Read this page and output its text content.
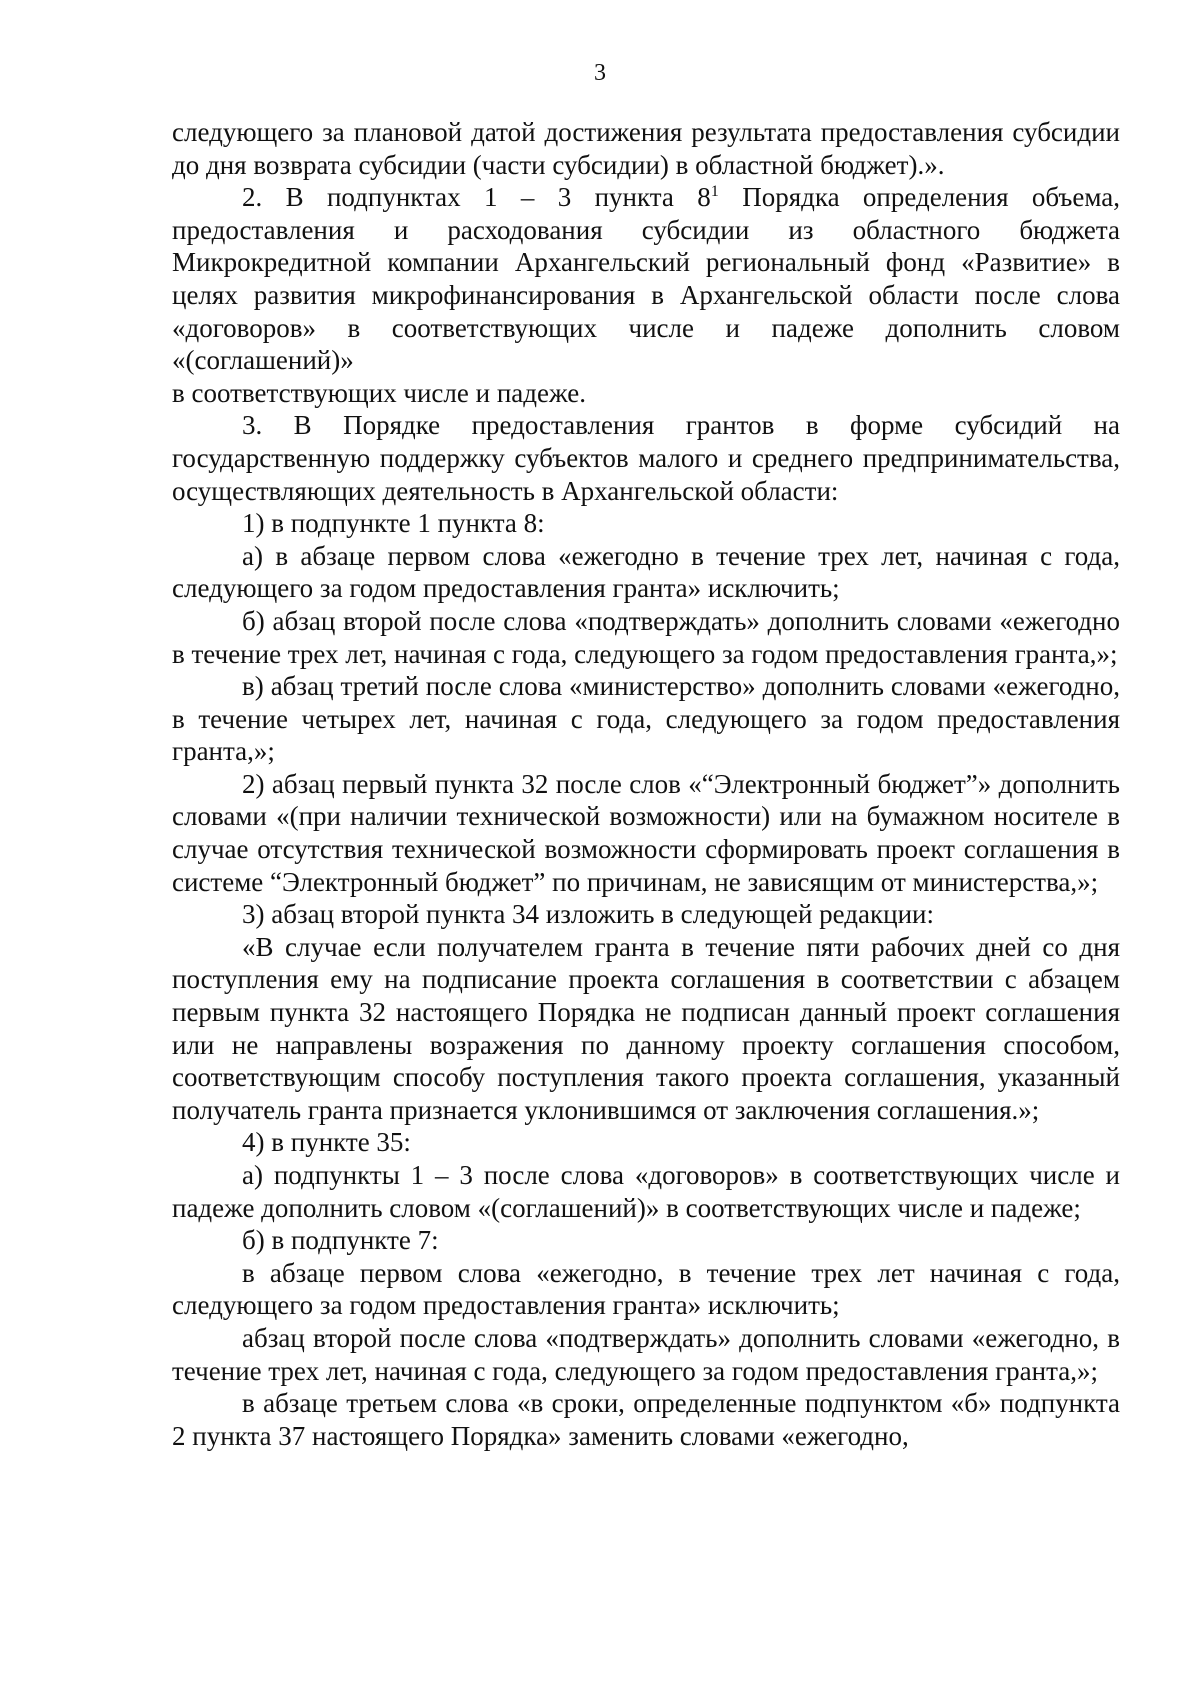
3

следующего за плановой датой достижения результата предоставления субсидии до дня возврата субсидии (части субсидии) в областной бюджет).».

2. В подпунктах 1 – 3 пункта $8^1$ Порядка определения объема, предоставления и расходования субсидии из областного бюджета Микрокредитной компании Архангельский региональный фонд «Развитие» в целях развития микрофинансирования в Архангельской области после слова «договоров» в соответствующих числе и падеже дополнить словом «(соглашений)»

в соответствующих числе и падеже.

3. В Порядке предоставления грантов в форме субсидий на государственную поддержку субъектов малого и среднего предпринимательства, осуществляющих деятельность в Архангельской области:

1) в подпункте 1 пункта 8:

а) в абзаце первом слова «ежегодно в течение трех лет, начиная с года, следующего за годом предоставления гранта» исключить;

б) абзац второй после слова «подтверждать» дополнить словами «ежегодно в течение трех лет, начиная с года, следующего за годом предоставления гранта,»;

в) абзац третий после слова «министерство» дополнить словами «ежегодно, в течение четырех лет, начиная с года, следующего за годом предоставления гранта,»;

2) абзац первый пункта 32 после слов «“Электронный бюджет”» дополнить словами «(при наличии технической возможности) или на бумажном носителе в случае отсутствия технической возможности сформировать проект соглашения в системе “Электронный бюджет” по причинам, не зависящим от министерства,»;

3) абзац второй пункта 34 изложить в следующей редакции:

«В случае если получателем гранта в течение пяти рабочих дней со дня поступления ему на подписание проекта соглашения в соответствии с абзацем первым пункта 32 настоящего Порядка не подписан данный проект соглашения или не направлены возражения по данному проекту соглашения способом, соответствующим способу поступления такого проекта соглашения, указанный получатель гранта признается уклонившимся от заключения соглашения.»;

4) в пункте 35:

а) подпункты 1 – 3 после слова «договоров» в соответствующих числе и падеже дополнить словом «(соглашений)» в соответствующих числе и падеже;

б) в подпункте 7:

в абзаце первом слова «ежегодно, в течение трех лет начиная с года, следующего за годом предоставления гранта» исключить;

абзац второй после слова «подтверждать» дополнить словами «ежегодно, в течение трех лет, начиная с года, следующего за годом предоставления гранта,»;

в абзаце третьем слова «в сроки, определенные подпунктом «б» подпункта 2 пункта 37 настоящего Порядка» заменить словами «ежегодно,
